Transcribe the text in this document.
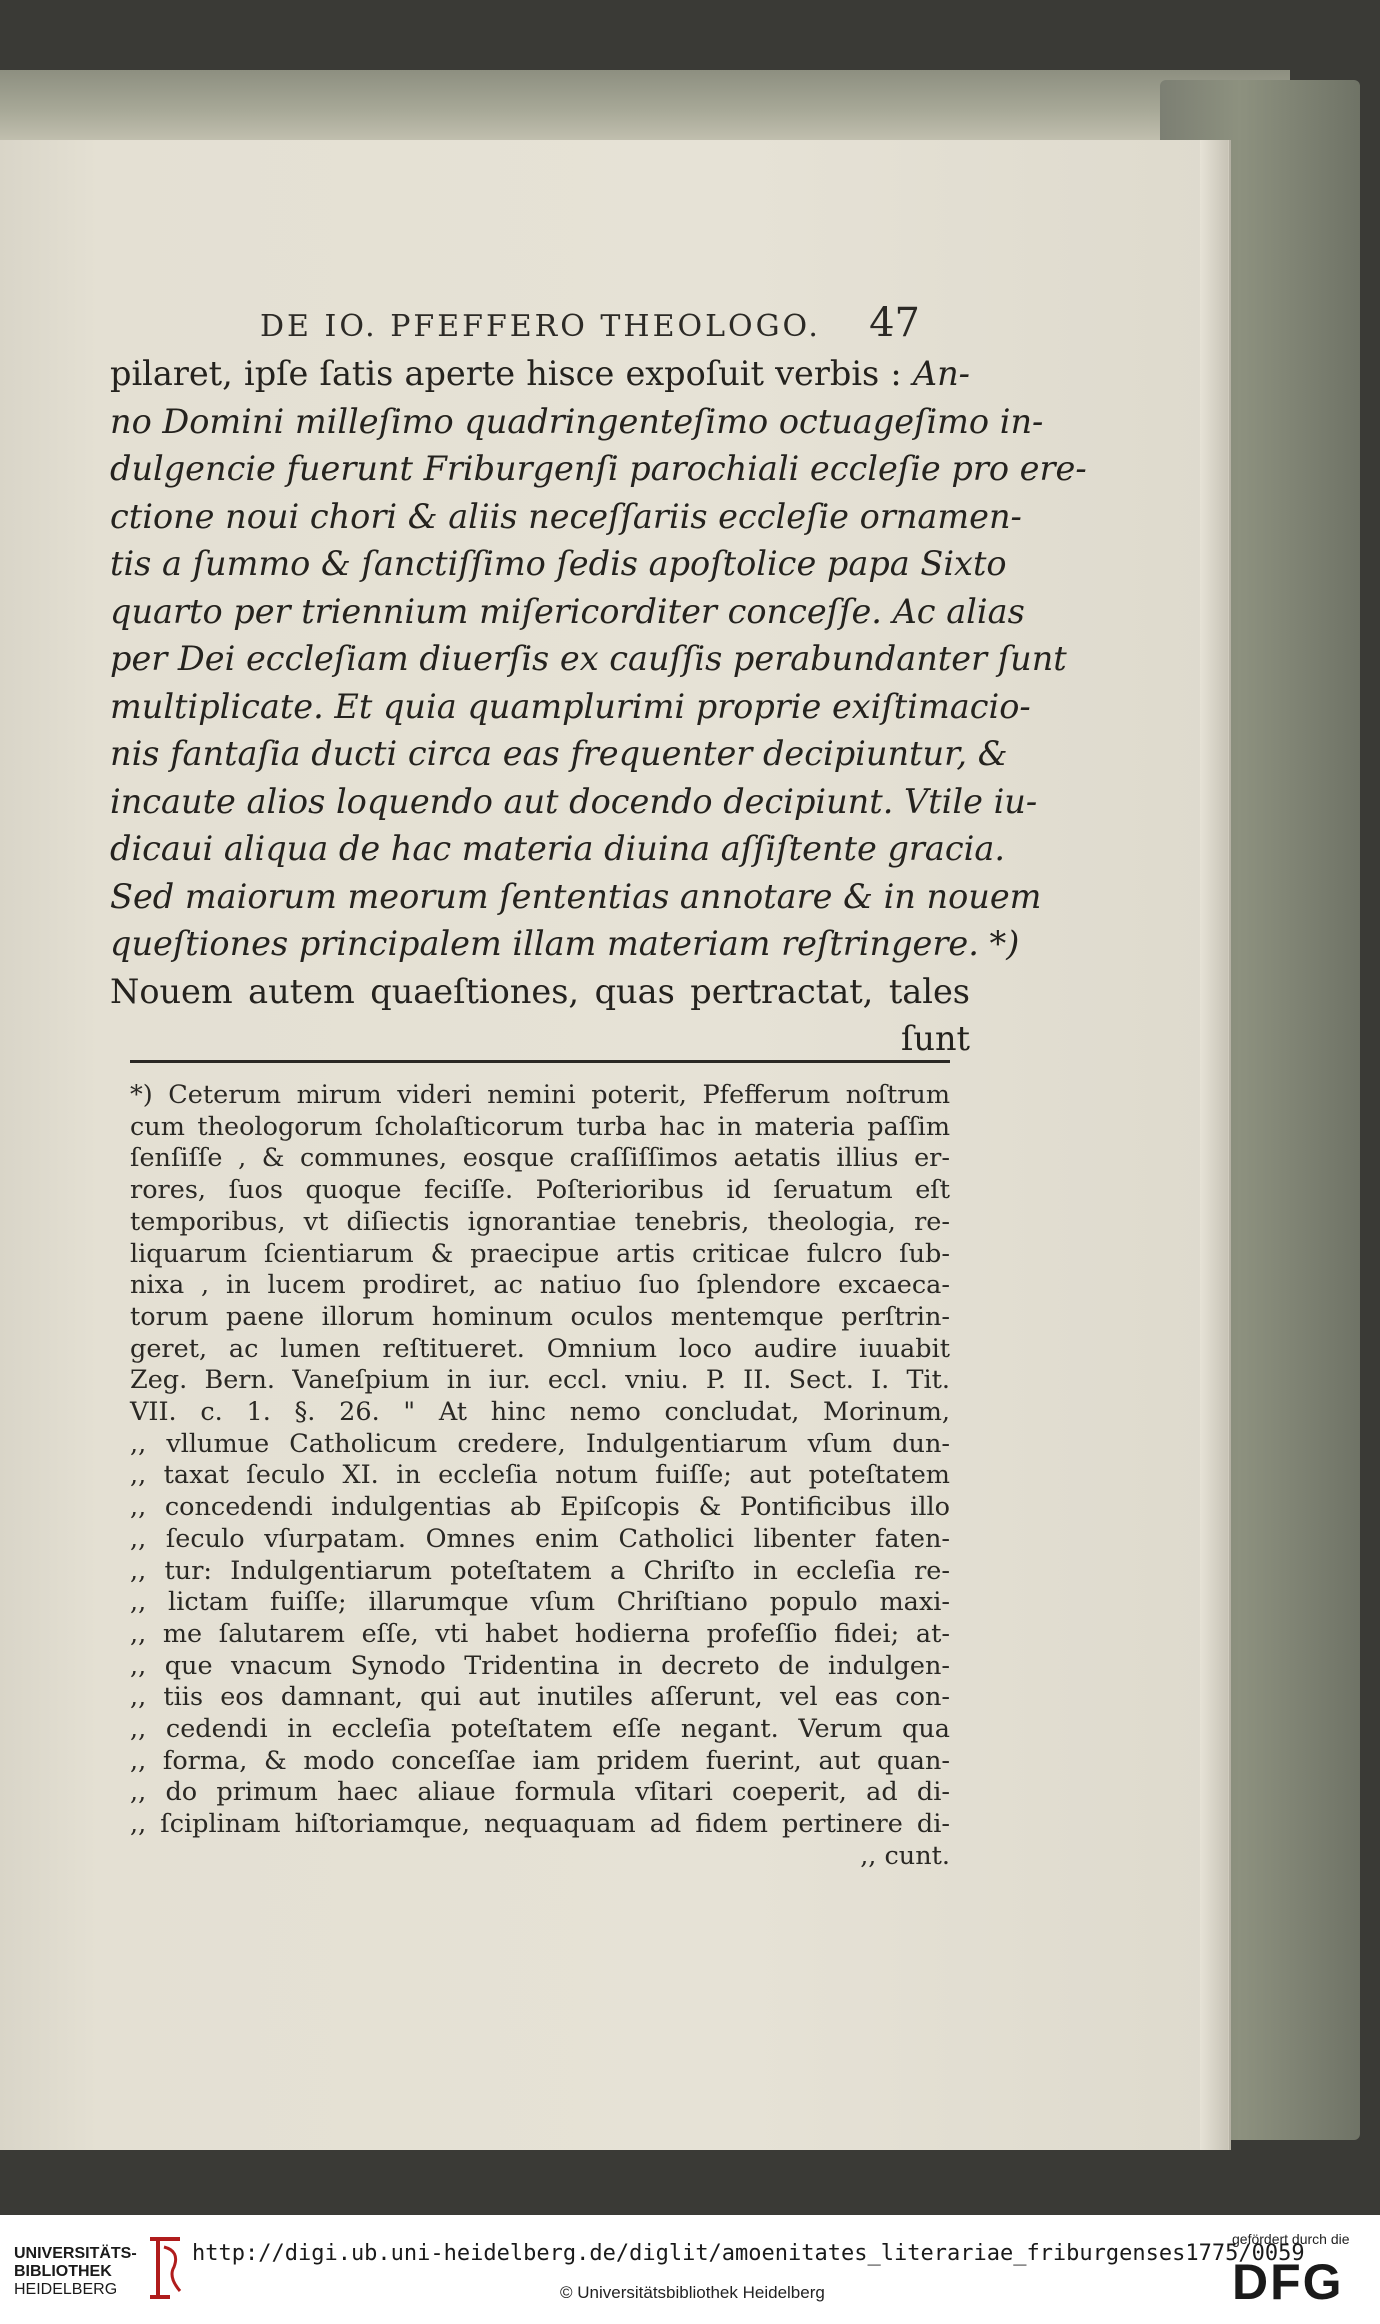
DE IO. PFEFFERO THEOLOGO. 47
pilaret, ipſe ſatis aperte hisce expoſuit verbis : An-
no Domini milleſimo quadringenteſimo octuageſimo in-
dulgencie fuerunt Friburgenſi parochiali eccleſie pro ere-
ctione noui chori & aliis neceſſariis eccleſie ornamen-
tis a ſummo & ſanctiſſimo ſedis apoſtolice papa Sixto
quarto per triennium miſericorditer conceſſe. Ac alias
per Dei eccleſiam diuerſis ex cauſſis perabundanter ſunt
multiplicate. Et quia quamplurimi proprie exiſtimacio-
nis fantaſia ducti circa eas frequenter decipiuntur, &
incaute alios loquendo aut docendo decipiunt. Vtile iu-
dicaui aliqua de hac materia diuina aſſiſtente gracia.
Sed maiorum meorum ſententias annotare & in nouem
queſtiones principalem illam materiam reſtringere. *)
Nouem autem quaeſtiones, quas pertractat, tales
ſunt
*) Ceterum mirum videri nemini poterit, Pfefferum noſtrum
cum theologorum ſcholaſticorum turba hac in materia paſſim
ſenſiſſe , & communes, eosque craſſiſſimos aetatis illius er-
rores, ſuos quoque feciſſe. Poſterioribus id ſeruatum eſt
temporibus, vt diſiectis ignorantiae tenebris, theologia, re-
liquarum ſcientiarum & praecipue artis criticae fulcro ſub-
nixa , in lucem prodiret, ac natiuo ſuo ſplendore excaeca-
torum paene illorum hominum oculos mentemque perſtrin-
geret, ac lumen reſtitueret. Omnium loco audire iuuabit
Zeg. Bern. Vaneſpium in iur. eccl. vniu. P. II. Sect. I. Tit.
VII. c. 1. §. 26. " At hinc nemo concludat, Morinum,
,, vllumue Catholicum credere, Indulgentiarum vſum dun-
,, taxat ſeculo XI. in eccleſia notum fuiſſe; aut poteſtatem
,, concedendi indulgentias ab Epiſcopis & Pontificibus illo
,, ſeculo vſurpatam. Omnes enim Catholici libenter faten-
,, tur: Indulgentiarum poteſtatem a Chriſto in eccleſia re-
,, lictam fuiſſe; illarumque vſum Chriſtiano populo maxi-
,, me ſalutarem eſſe, vti habet hodierna profeſſio fidei; at-
,, que vnacum Synodo Tridentina in decreto de indulgen-
,, tiis eos damnant, qui aut inutiles aſſerunt, vel eas con-
,, cedendi in eccleſia poteſtatem eſſe negant. Verum qua
,, forma, & modo conceſſae iam pridem fuerint, aut quan-
,, do primum haec aliaue formula vſitari coeperit, ad di-
,, ſciplinam hiſtoriamque, nequaquam ad fidem pertinere di-
,, cunt.
UNIVERSITÄTS-
BIBLIOTHEK
HEIDELBERG
http://digi.ub.uni-heidelberg.de/diglit/amoenitates_literariae_friburgenses1775/0059
© Universitätsbibliothek Heidelberg
gefördert durch die
DFG
